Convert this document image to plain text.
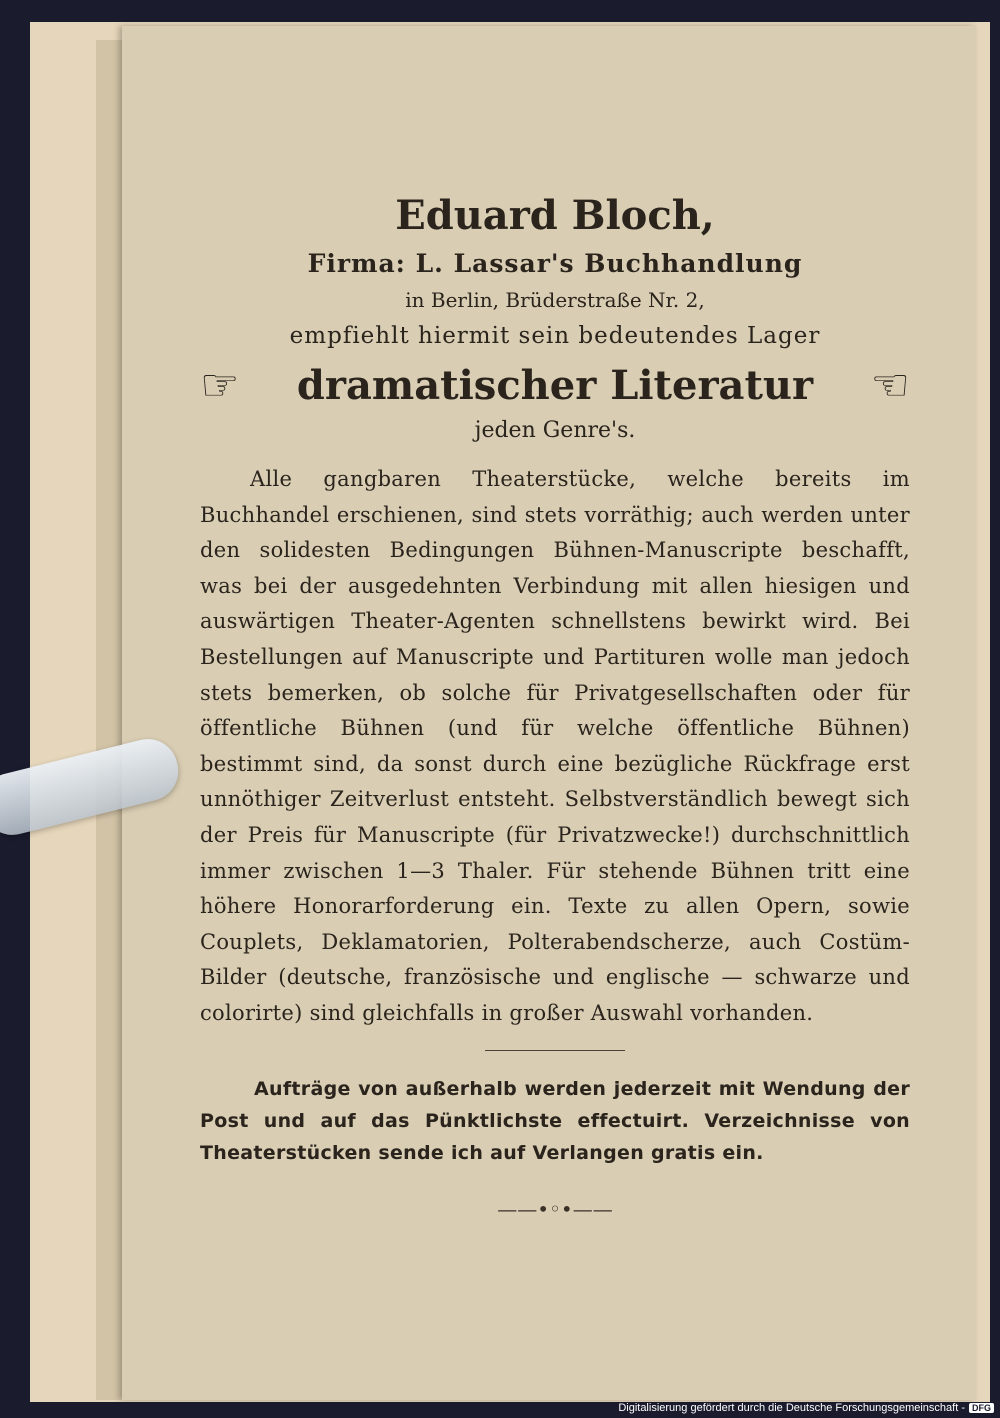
Eduard Bloch,
Firma: L. Lassar's Buchhandlung
in Berlin, Brüderstraße Nr. 2,
empfiehlt hiermit sein bedeutendes Lager
☞ dramatischer Literatur ☜
jeden Genre's.
Alle gangbaren Theaterstücke, welche bereits im Buchhandel erschienen, sind stets vorräthig; auch werden unter den solidesten Bedingungen Bühnen-Manuscripte beschafft, was bei der ausgedehnten Verbindung mit allen hiesigen und auswärtigen Theater-Agenten schnellstens bewirkt wird. Bei Bestellungen auf Manuscripte und Partituren wolle man jedoch stets bemerken, ob solche für Privatgesellschaften oder für öffentliche Bühnen (und für welche öffentliche Bühnen) bestimmt sind, da sonst durch eine bezügliche Rückfrage erst unnöthiger Zeitverlust entsteht. Selbstverständlich bewegt sich der Preis für Manuscripte (für Privatzwecke!) durchschnittlich immer zwischen 1—3 Thaler. Für stehende Bühnen tritt eine höhere Honorarforderung ein. Texte zu allen Opern, sowie Couplets, Deklamatorien, Polterabendscherze, auch Costüm-Bilder (deutsche, französische und englische — schwarze und colorirte) sind gleichfalls in großer Auswahl vorhanden.
Aufträge von außerhalb werden jederzeit mit Wendung der Post und auf das Pünktlichste effectuirt. Verzeichnisse von Theaterstücken sende ich auf Verlangen gratis ein.
——•◦•——
Digitalisierung gefördert durch die Deutsche Forschungsgemeinschaft - DFG
